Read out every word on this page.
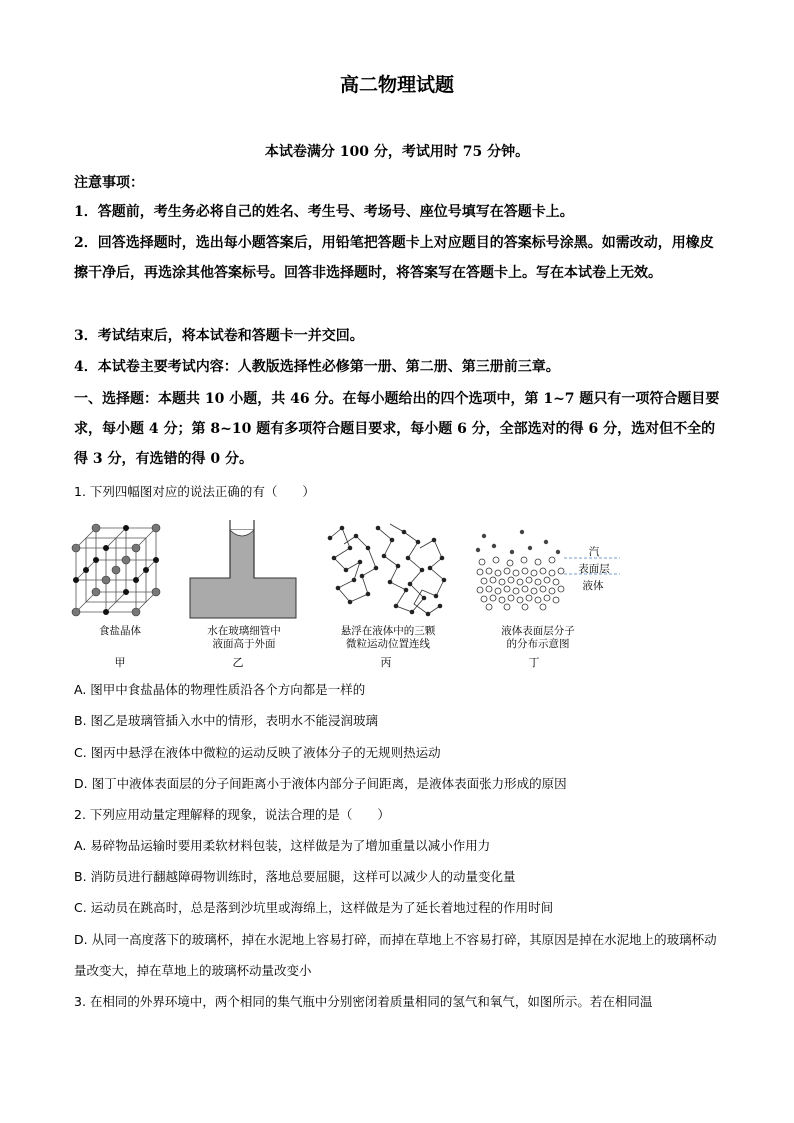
高二物理试题
本试卷满分 100 分，考试用时 75 分钟。
注意事项：
1．答题前，考生务必将自己的姓名、考生号、考场号、座位号填写在答题卡上。
2．回答选择题时，选出每小题答案后，用铅笔把答题卡上对应题目的答案标号涂黑。如需改动，用橡皮擦干净后，再选涂其他答案标号。回答非选择题时，将答案写在答题卡上。写在本试卷上无效。
3．考试结束后，将本试卷和答题卡一并交回。
4．本试卷主要考试内容：人教版选择性必修第一册、第二册、第三册前三章。
一、选择题：本题共 10 小题，共 46 分。在每小题给出的四个选项中，第 1~7 题只有一项符合题目要求，每小题 4 分；第 8~10 题有多项符合题目要求，每小题 6 分，全部选对的得 6 分，选对但不全的得 3 分，有选错的得 0 分。
1. 下列四幅图对应的说法正确的有（　　）
食盐晶体
甲
水在玻璃细管中
液面高于外面
乙
悬浮在液体中的三颗
微粒运动位置连线
丙
汽
表面层
液体
液体表面层分子
的分布示意图
丁
A. 图甲中食盐晶体的物理性质沿各个方向都是一样的
B. 图乙是玻璃管插入水中的情形，表明水不能浸润玻璃
C. 图丙中悬浮在液体中微粒的运动反映了液体分子的无规则热运动
D. 图丁中液体表面层的分子间距离小于液体内部分子间距离，是液体表面张力形成的原因
2. 下列应用动量定理解释的现象，说法合理的是（　　）
A. 易碎物品运输时要用柔软材料包装，这样做是为了增加重量以减小作用力
B. 消防员进行翻越障碍物训练时，落地总要屈腿，这样可以减少人的动量变化量
C. 运动员在跳高时，总是落到沙坑里或海绵上，这样做是为了延长着地过程的作用时间
D. 从同一高度落下的玻璃杯，掉在水泥地上容易打碎，而掉在草地上不容易打碎，其原因是掉在水泥地上的玻璃杯动量改变大，掉在草地上的玻璃杯动量改变小
3. 在相同的外界环境中，两个相同的集气瓶中分别密闭着质量相同的氢气和氧气，如图所示。若在相同温
